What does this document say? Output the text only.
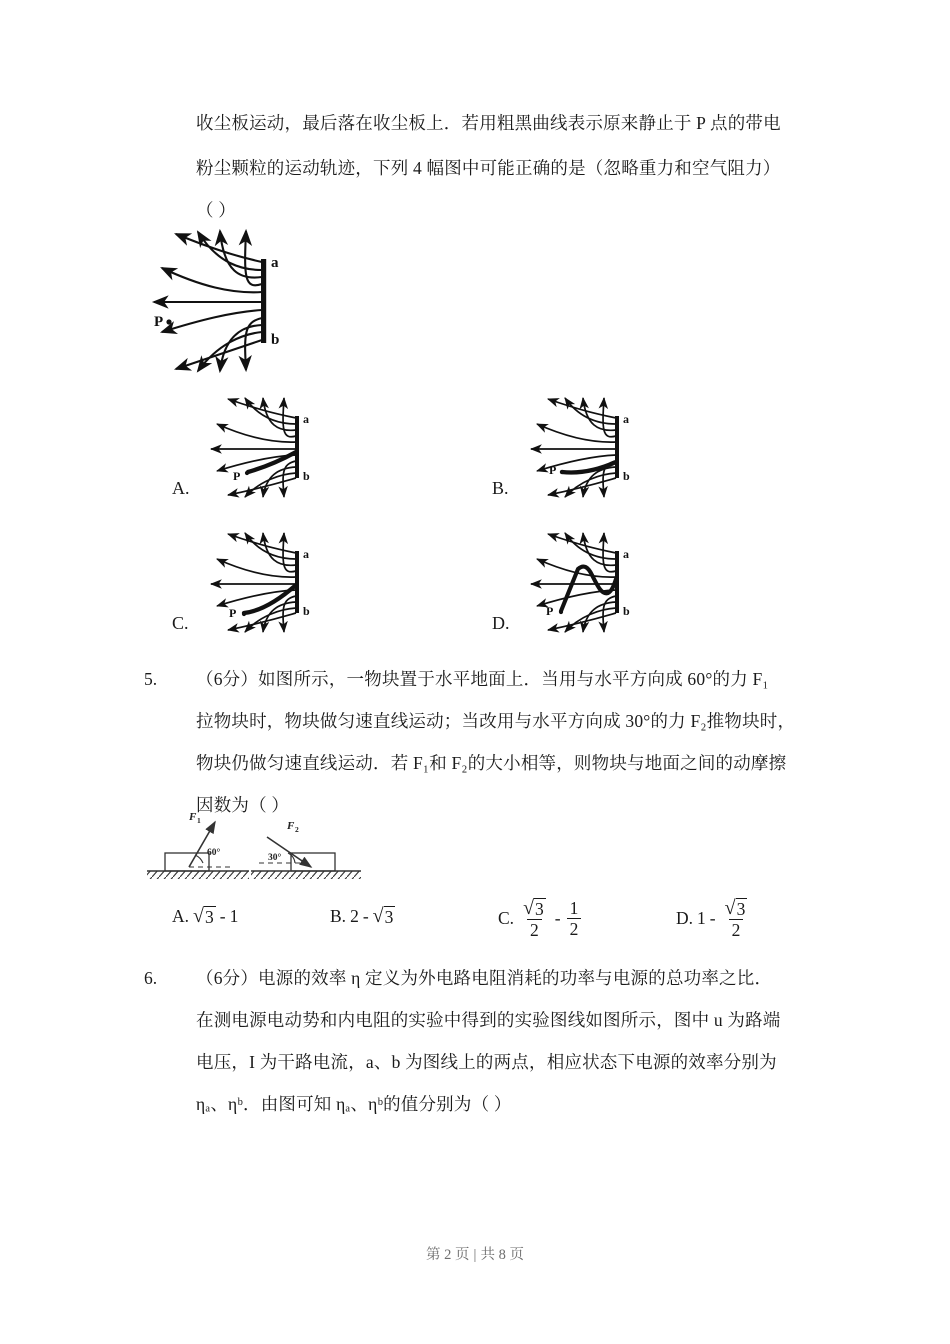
收尘板运动，最后落在收尘板上．若用粗黑曲线表示原来静止于 P 点的带电
粉尘颗粒的运动轨迹，下列 4 幅图中可能正确的是（忽略重力和空气阻力）
（ ）
a
b
P
A.
a
b
P
B.
a
b
P
C.
a
b
P	D.
a
b
P
5. （6分）如图所示，一物块置于水平地面上．当用与水平方向成 60°的力 F₁
拉物块时，物块做匀速直线运动；当改用与水平方向成 30°的力 F₂推物块时，
物块仍做匀速直线运动．若 F₁和 F₂的大小相等，则物块与地面之间的动摩擦
因数为（ ）
F 1
60°
F 2
30°
A. √ 3 - 1	B. 2 - √ 3	C. $\frac{√ 3}{2} - \frac{1}{2}$	D. $1 - \frac{√ 3}{2}$
6. （6分）电源的效率 η 定义为外电路电阻消耗的功率与电源的总功率之比．
在测电源电动势和内电阻的实验中得到的实验图线如图所示，图中 u 为路端
电压，I 为干路电流，a、b 为图线上的两点，相应状态下电源的效率分别为
ηₐ、ηᵇ．由图可知 ηₐ、ηᵇ的值分别为（ ）
第 2 页 | 共 8 页
